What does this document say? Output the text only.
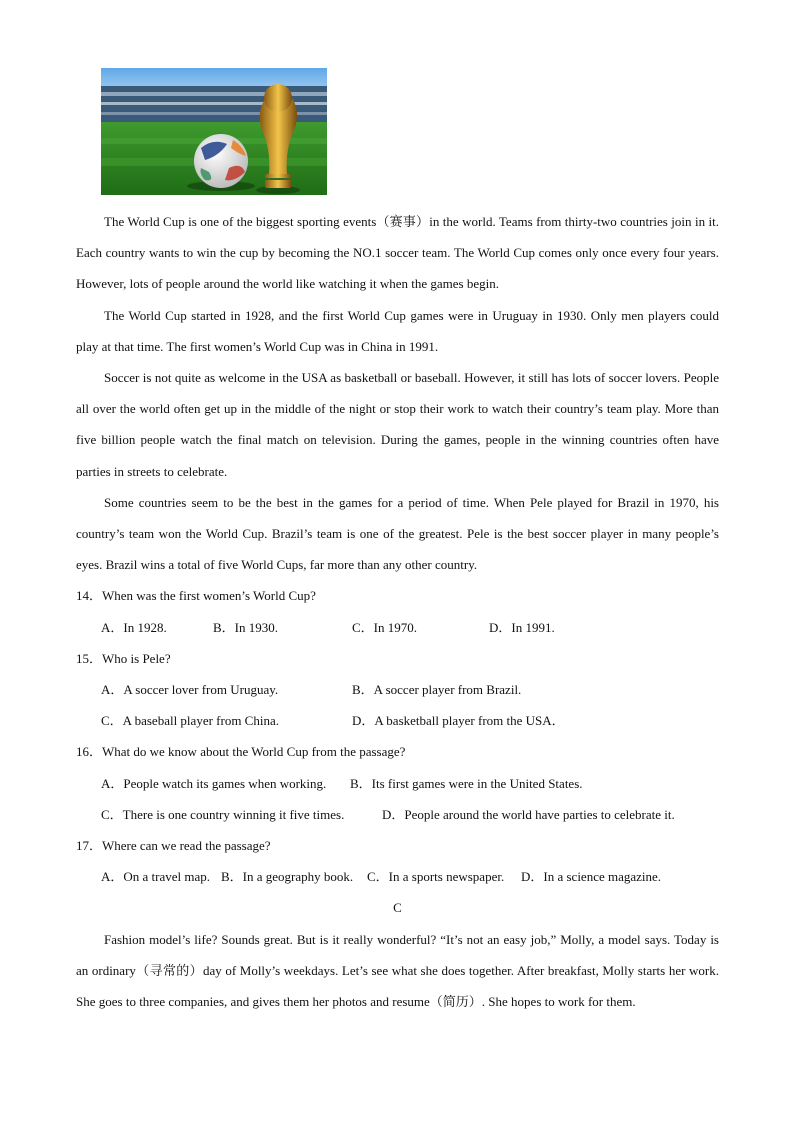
The World Cup is one of the biggest sporting events（赛事）in the world. Teams from thirty-two countries join in it. Each country wants to win the cup by becoming the NO.1 soccer team. The World Cup comes only once every four years. However, lots of people around the world like watching it when the games begin.

The World Cup started in 1928, and the first World Cup games were in Uruguay in 1930. Only men players could play at that time. The first women’s World Cup was in China in 1991.

Soccer is not quite as welcome in the USA as basketball or baseball. However, it still has lots of soccer lovers. People all over the world often get up in the middle of the night or stop their work to watch their country’s team play. More than five billion people watch the final match on television. During the games, people in the winning countries often have parties in streets to celebrate.

Some countries seem to be the best in the games for a period of time. When Pele played for Brazil in 1970, his country’s team won the World Cup. Brazil’s team is one of the greatest. Pele is the best soccer player in many people’s eyes. Brazil wins a total of five World Cups, far more than any other country.

14．When was the first women’s World Cup?

A．In 1928.	B．In 1930.	C．In 1970.	D．In 1991.

15．Who is Pele?

A．A soccer lover from Uruguay.	B．A soccer player from Brazil.
C．A baseball player from China.	D．A basketball player from the USA．

16．What do we know about the World Cup from the passage?

A．People watch its games when working. B．Its first games were in the United States.
C．There is one country winning it five times.	D．People around the world have parties to celebrate it.

17．Where can we read the passage?

A．On a travel map. B．In a geography book. C．In a sports newspaper. D．In a science magazine.

C

Fashion model’s life? Sounds great. But is it really wonderful? “It’s not an easy job,” Molly, a model says. Today is an ordinary（寻常的）day of Molly’s weekdays. Let’s see what she does together. After breakfast, Molly starts her work. She goes to three companies, and gives them her photos and resume（简历）. She hopes to work for them.
